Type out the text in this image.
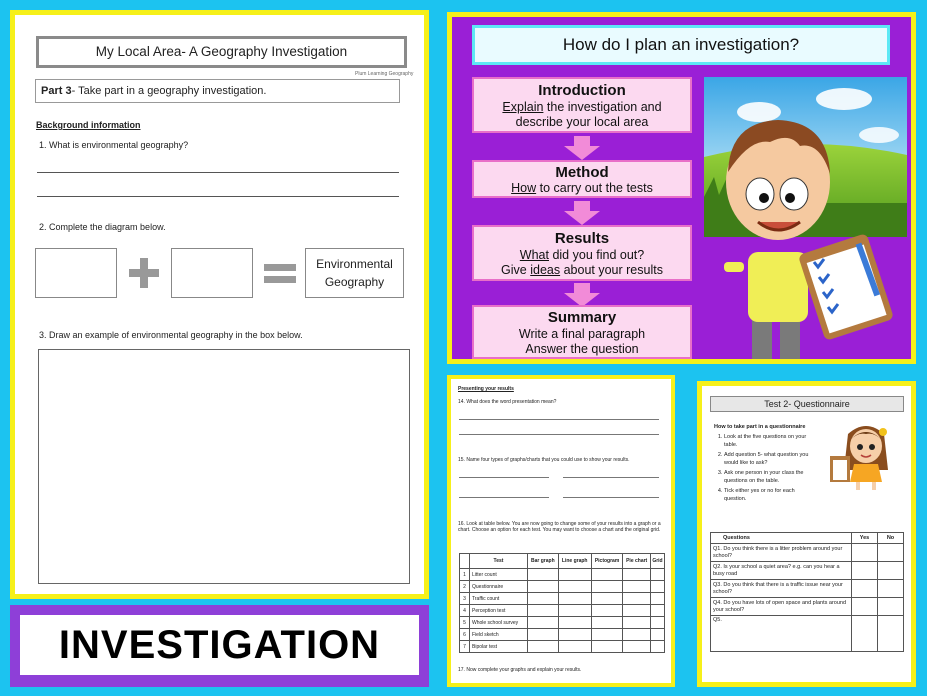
My Local Area- A Geography Investigation
Plum Learning Geography
Part 3- Take part in a geography investigation.
Background information
1. What is environmental geography?
2. Complete the diagram below.
Environmental
Geography
3. Draw an example of environmental geography in the box below.
INVESTIGATION
How do I plan an investigation?
Introduction
Explain the investigation and
describe your local area
Method
How to carry out the tests
Results
What did you find out?
Give ideas about your results
Summary
Write a final paragraph
Answer the question
Presenting your results
14. What does the word presentation mean?
15. Name four types of graphs/charts that you could use to show your results.
16. Look at table below. You are now going to change some of your results into a graph or a chart. Choose an option for each test. You may want to choose a chart and the original grid.
	Test	Bar graph	Line graph	Pictogram	Pie chart	Grid
1	Litter count					
2	Questionnaire					
3	Traffic count					
4	Perception test					
5	Whole school survey					
6	Field sketch					
7	Bipolar test					
17. Now complete your graphs and explain your results.
Test 2- Questionnaire
How to take part in a questionnaire
1. Look at the five questions on your table.
2. Add question 5- what question you would like to ask?
3. Ask one person in your class the questions on the table.
4. Tick either yes or no for each question.
Questions	Yes	No
Q1. Do you think there is a litter problem around your school?		
Q2. Is your school a quiet area? e.g. can you hear a busy road		
Q3. Do you think that there is a traffic issue near your school?		
Q4. Do you have lots of open space and plants around your school?		
Q5.		
